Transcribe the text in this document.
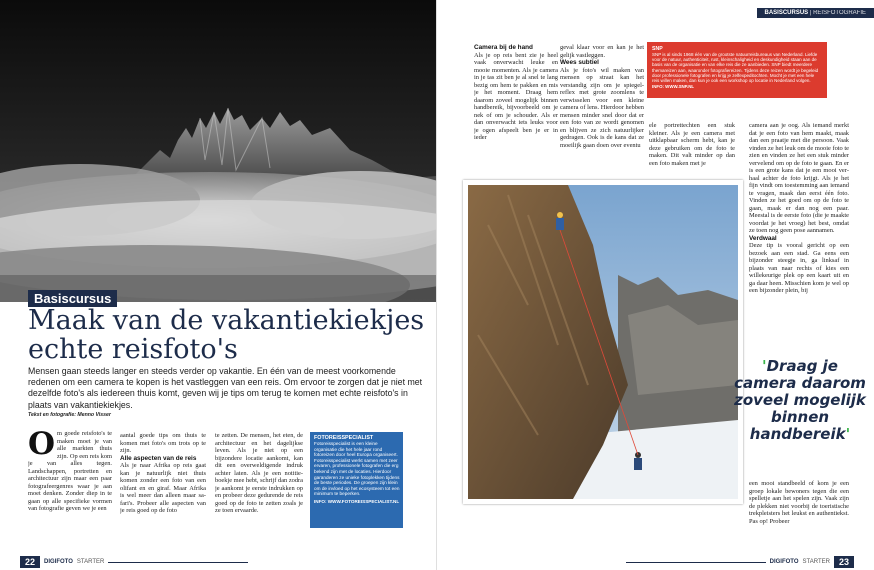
Basiscursus
Maak van de vakantiekiekjes
echte reisfoto's

Mensen gaan steeds langer en steeds verder op vakantie. En één van de meest voorkomende redenen om een camera te kopen is het vastleggen van een reis. Om ervoor te zorgen dat je niet met dezelfde foto's als iedereen thuis komt, geven wij je tips om terug te komen met echte reisfoto's in plaats van vakantiekiekjes.

Tekst en fotografie: Menno Visser
O m goede reisfoto's te maken moet je van alle markten thuis zijn. Op een reis kom je van alles tegen. Landschappen, portretten en architectuur zijn maar een paar fotografeergenres waar je aan moet denken. Zonder diep in te gaan op alle specifieke vormen van fotografie geven we je een

aantal goede tips om thuis te komen met foto's om trots op te zijn.

Alle aspecten van de reis

Als je naar Afrika op reis gaat kan je natuurlijk niet thuis komen zonder een foto van een olifant en en giraf. Maar Afrika is wel meer dan alleen maar safari's. Probeer alle aspecten van je reis goed op de foto

te zetten. De mensen, het eten, de architectuur en het dagelijkse leven. Als je niet op een bijzondere locatie aankomt, kan dit een overweldigende indruk achter laten. Als je een notitieboekje mee hebt, schrijf dan zodra je aankomt je eerste indrukken op en probeer deze gedurende de reis goed op de foto te zetten zoals je ze toen ervaarde.

FOTOREISSPECIALIST
Fotoreisspecialist is een kleine organisatie die het hele jaar rond fotoreizen door heel Europa organiseert. Fotoreisspecialist werkt samen met zeer ervaren, professionele fotografen die erg bekend zijn met de locaties. Hierdoor garanderen ze unieke fotoplekken tijdens de beste periodes. De groepen zijn klein om de invloed op het ecosysteem tot een minimum te beperken.
INFO: WWW.FOTOREISSPECIALIST.NL
22	DIGIFOTO STARTER
BASISCURSUS | REISFOTOGRAFIE

Camera bij de hand

Als je op reis bent zie je heel vaak onverwacht leuke en mooie momenten. Als je camera in je tas zit ben je al snel te lang bezig om hem te pakken en mis je het moment. Draag hem daarom zoveel mogelijk binnen handbereik, bijvoorbeeld om je nek of om je schouder. Als er dan onverwacht iets leuks voor je ogen afspeelt ben je er in ieder

geval klaar voor en kan je het gelijk vastleggen.

Wees subtiel

Als je foto's wil maken van mensen op straat kan het verstandig zijn om je spiegelreflex met grote zoomlens te verwisselen voor een kleine camera of lens. Hierdoor hebben mensen minder snel door dat er een foto van ze wordt genomen en blijven ze zich natuurlijker gedragen. Ook is de kans dat ze moeilijk gaan doen over eventu

SNP
SNP is al sinds 1968 één van de grootste natuurreisbureaus van Nederland. Liefde voor de natuur, authenticiteit, rust, kleinschaligheid en deskundigheid staan aan de basis van de organisatie en van elke reis die ze aanbieden. SNP biedt meerdere themareizen aan, waaronder fotografiereizen. Tijdens deze reizen wordt je begeleid door professionele fotografen en krijg je zelfexpeditochten. Mocht je met een hele reis willen maken, dan kun je ook een workshop op locatie in Nederland volgen.
INFO: WWW.SNP.NL

ele portrettechten een stuk kleiner. Als je een camera met uitklapbaar scherm hebt, kan je deze gebruiken om de foto te maken. Dit valt minder op dan een foto maken met je

camera aan je oog. Als iemand merkt dat je een foto van hem maakt, maak dan een praatje met die persoon. Vaak vinden ze het leuk om de mooie foto te zien en vinden ze het een stuk minder vervelend om op de foto te gaan. En er is een grote kans dat je een mooi verhaal achter de foto krijgt. Als je het fijn vindt om toestemming aan iemand te vragen, maak dan eerst één foto. Vinden ze het goed om op de foto te gaan, maak er dan nog een paar. Meestal is de eerste foto (die je maakte voordat je het vroeg) het best, omdat ze toen nog geen pose aannamen.

Verdwaal

Deze tip is vooral gericht op een bezoek aan een stad. Ga eens een bijzonder steegje in, ga linksaf in plaats van naar rechts of kies een willekeurige plek op een kaart uit en ga daar heen. Misschien kom je wel op een bijzonder plein, bij

'Draag je camera daarom zoveel mogelijk binnen handbereik'

een mooi standbeeld of kom je een groep lokale bewoners tegen die een spelletje aan het spelen zijn. Vaak zijn de plekken niet voorbij de toeristische trekpleisters het leukst en authentiekst. Pas op! Probeer

DIGIFOTO STARTER	23
